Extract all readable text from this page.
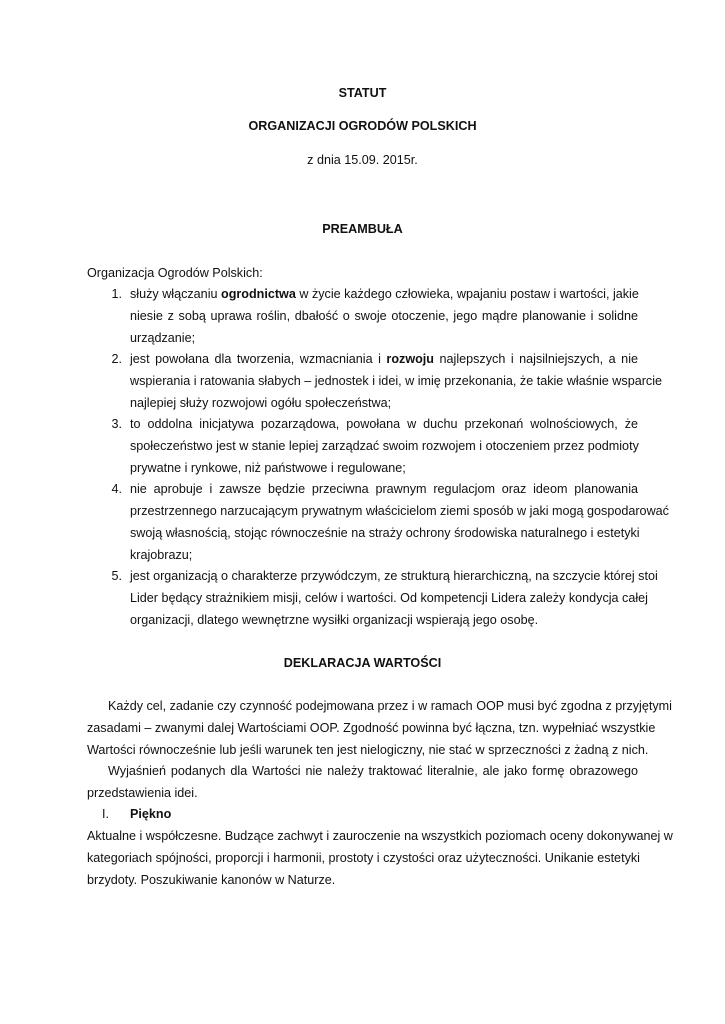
STATUT
ORGANIZACJI OGRODÓW POLSKICH
z dnia 15.09. 2015r.
PREAMBUŁA
Organizacja Ogrodów Polskich:
1. służy włączaniu ogrodnictwa w życie każdego człowieka, wpajaniu postaw i wartości, jakie
niesie z sobą uprawa roślin, dbałość o swoje otoczenie, jego mądre planowanie i solidne
urządzanie;
2. jest powołana dla tworzenia, wzmacniania i rozwoju najlepszych i najsilniejszych, a nie
wspierania i ratowania słabych – jednostek i idei, w imię przekonania, że takie właśnie wsparcie
najlepiej służy rozwojowi ogółu społeczeństwa;
3. to oddolna inicjatywa pozarządowa, powołana w duchu przekonań wolnościowych, że
społeczeństwo jest w stanie lepiej zarządzać swoim rozwojem i otoczeniem przez podmioty
prywatne i rynkowe, niż państwowe i regulowane;
4. nie aprobuje i zawsze będzie przeciwna prawnym regulacjom oraz ideom planowania
przestrzennego narzucającym prywatnym właścicielom ziemi sposób w jaki mogą gospodarować
swoją własnością, stojąc równocześnie na straży ochrony środowiska naturalnego i estetyki
krajobrazu;
5. jest organizacją o charakterze przywódczym, ze strukturą hierarchiczną, na szczycie której stoi
Lider będący strażnikiem misji, celów i wartości. Od kompetencji Lidera zależy kondycja całej
organizacji, dlatego wewnętrzne wysiłki organizacji wspierają jego osobę.
DEKLARACJA WARTOŚCI
Każdy cel, zadanie czy czynność podejmowana przez i w ramach OOP musi być zgodna z przyjętymi
zasadami – zwanymi dalej Wartościami OOP. Zgodność powinna być łączna, tzn. wypełniać wszystkie
Wartości równocześnie lub jeśli warunek ten jest nielogiczny, nie stać w sprzeczności z żadną z nich.
Wyjaśnień podanych dla Wartości nie należy traktować literalnie, ale jako formę obrazowego
przedstawienia idei.
I. Piękno
Aktualne i współczesne. Budzące zachwyt i zauroczenie na wszystkich poziomach oceny dokonywanej w
kategoriach spójności, proporcji i harmonii, prostoty i czystości oraz użyteczności. Unikanie estetyki
brzydoty. Poszukiwanie kanonów w Naturze.
